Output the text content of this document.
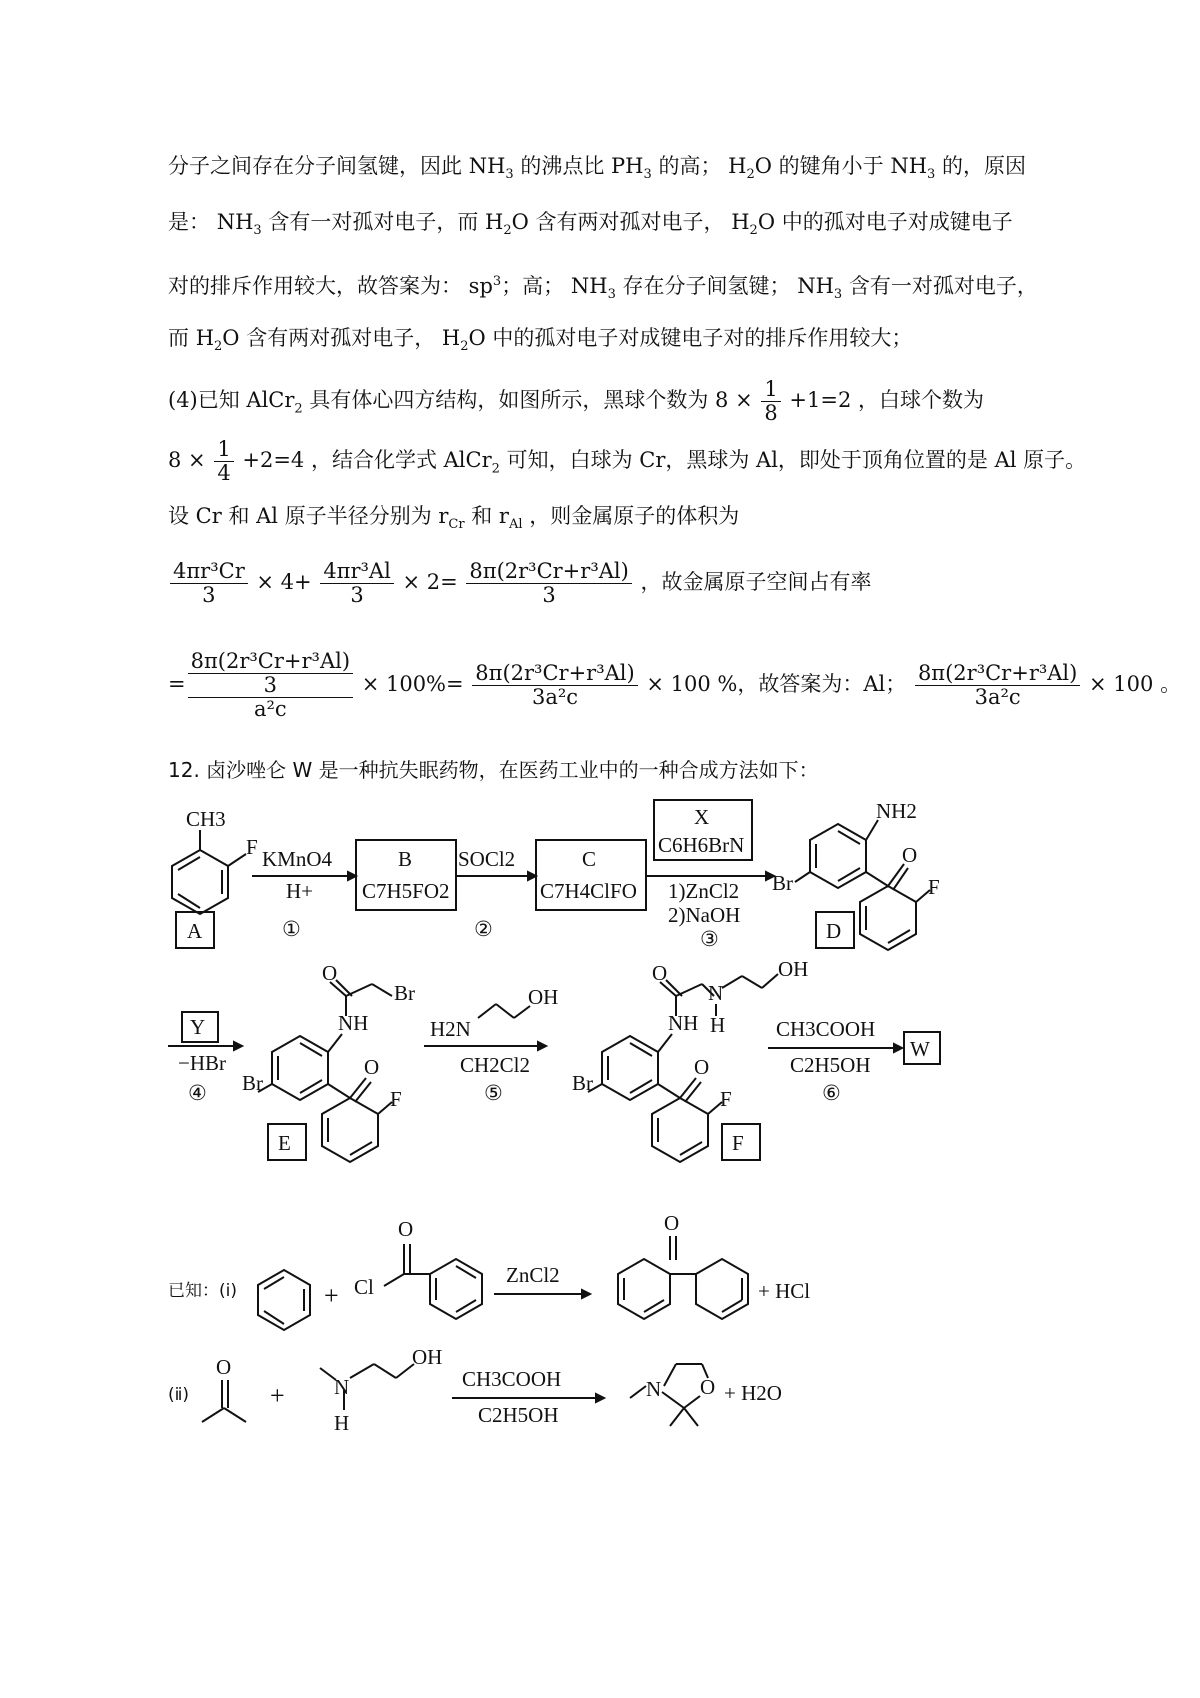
分子之间存在分子间氢键，因此 $NH_3$ 的沸点比 $PH_3$ 的高； $H_2O$ 的键角小于 $NH_3$ 的，原因
是： $NH_3$ 含有一对孤对电子，而 $H_2O$ 含有两对孤对电子， $H_2O$ 中的孤对电子对成键电子
对的排斥作用较大，故答案为： $sp^3$；高； $NH_3$ 存在分子间氢键； $NH_3$ 含有一对孤对电子，
而 $H_2O$ 含有两对孤对电子， $H_2O$ 中的孤对电子对成键电子对的排斥作用较大；
(4)已知 AlCr$_2$ 具有体心四方结构，如图所示，黑球个数为 $8 \times \frac{1}{8} +1=2$ ，白球个数为
$8 \times \frac{1}{4} +2=4$ ，结合化学式 AlCr$_2$ 可知，白球为 Cr，黑球为 Al，即处于顶角位置的是 Al 原子。
设 Cr 和 Al 原子半径分别为 $r_{Cr}$ 和 $r_{Al}$ ，则金属原子的体积为
$\frac{\text{4πr³Cr}}{3} \times 4+ \frac{\text{4πr³Al}}{3} \times 2= \frac{\text{8π(2r³Cr+r³Al)}}{3}$ ，故金属原子空间占有率
=
8π(2r³Cr+r³Al)
3
a²c
× $100\%= \frac{\text{8π(2r³Cr+r³Al)}}{\text{3a²c}} \times 100$ %，故答案为：Al； $\frac{\text{8π(2r³Cr+r³Al)}}{\text{3a²c}} \times 100$ 。
12. 卤沙唑仑 W 是一种抗失眠药物，在医药工业中的一种合成方法如下：
CH3
F
A
KMnO4
H+
①
B
C7H5FO2
SOCl2
②
C
C7H4ClFO
X
C6H6BrN
1)ZnCl2
2)NaOH
③
Br
NH2
O
F
D
Y
−HBr
④ Br
O
Br
NH
O
F
E
H2N
OH
CH2Cl2
⑤	Br
O
N
H
OH
NH
O
F
F
CH3COOH
C2H5OH
⑥
W
已知：(ⅰ)	+ Cl
O
ZnCl2
O
+ HCl
(ⅱ)
O
+ N
H
OH
CH3COOH
C2H5OH
N O + H2O
